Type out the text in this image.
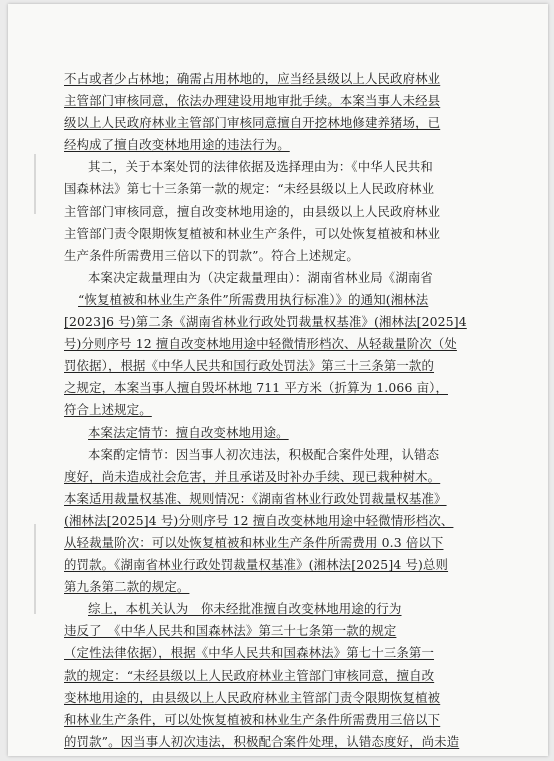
不占或者少占林地；确需占用林地的，应当经县级以上人民政府林业
主管部门审核同意，依法办理建设用地审批手续。本案当事人未经县
级以上人民政府林业主管部门审核同意擅自开挖林地修建养猪场，已
经构成了擅自改变林地用途的违法行为。
其二，关于本案处罚的法律依据及选择理由为：《中华人民共和
国森林法》第七十三条第一款的规定：“未经县级以上人民政府林业
主管部门审核同意，擅自改变林地用途的，由县级以上人民政府林业
主管部门责令限期恢复植被和林业生产条件，可以处恢复植被和林业
生产条件所需费用三倍以下的罚款”。符合上述规定。
本案决定裁量理由为（决定裁量理由）：湖南省林业局《湖南省
“恢复植被和林业生产条件”所需费用执行标准）》的通知(湘林法
[2023]6 号)第二条《湖南省林业行政处罚裁量权基准》(湘林法[2025]4
号)分则序号 12 擅自改变林地用途中轻微情形档次、从轻裁量阶次（处
罚依据），根据《中华人民共和国行政处罚法》第三十三条第一款的
之规定，本案当事人擅自毁坏林地 711 平方米（折算为 1.066 亩），
符合上述规定。
本案法定情节：擅自改变林地用途。
本案酌定情节：因当事人初次违法，积极配合案件处理，认错态
度好，尚未造成社会危害，并且承诺及时补办手续、现已栽种树木。
本案适用裁量权基准、规则情况：《湖南省林业行政处罚裁量权基准》
(湘林法[2025]4 号)分则序号 12 擅自改变林地用途中轻微情形档次、
从轻裁量阶次：可以处恢复植被和林业生产条件所需费用 0.3 倍以下
的罚款。《湖南省林业行政处罚裁量权基准》(湘林法[2025]4 号)总则
第九条第二款的规定。
综上，本机关认为　你未经批准擅自改变林地用途的行为
违反了　《中华人民共和国森林法》第三十七条第一款的规定
（定性法律依据），根据《中华人民共和国森林法》第七十三条第一
款的规定：“未经县级以上人民政府林业主管部门审核同意，擅自改
变林地用途的，由县级以上人民政府林业主管部门责令限期恢复植被
和林业生产条件，可以处恢复植被和林业生产条件所需费用三倍以下
的罚款”。因当事人初次违法，积极配合案件处理，认错态度好，尚未造
